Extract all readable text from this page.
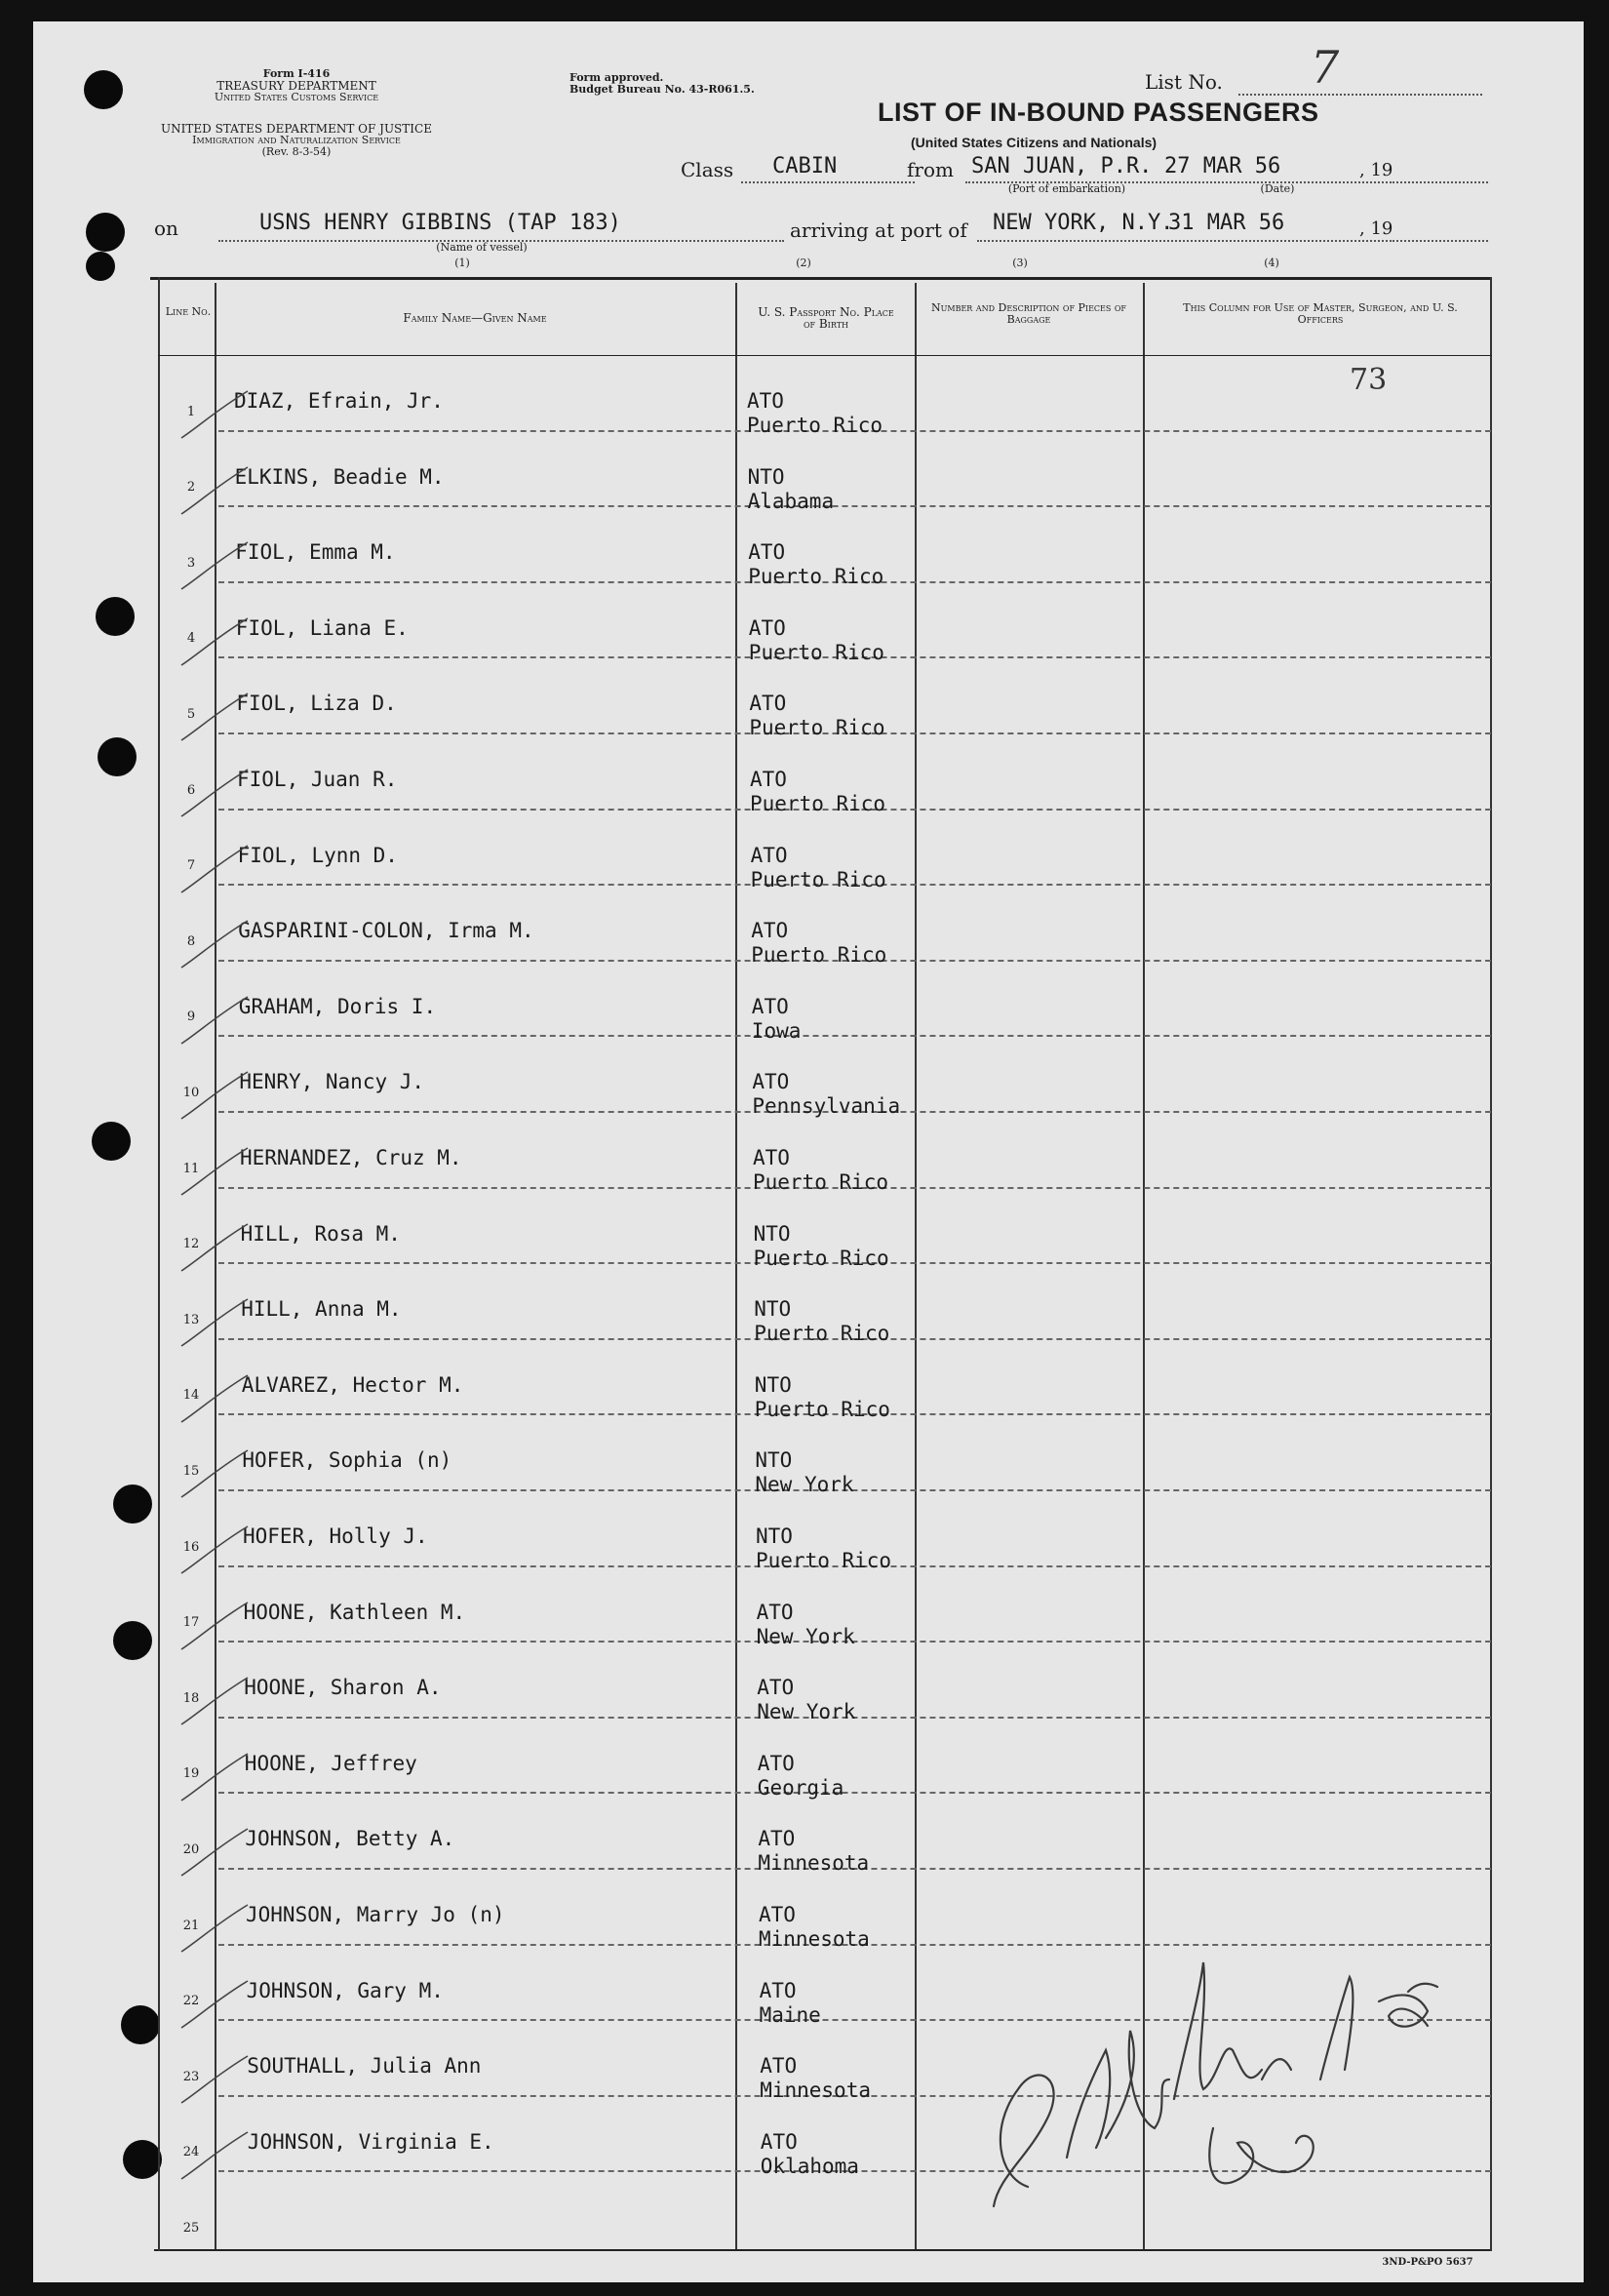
Form I-416
TREASURY DEPARTMENT
United States Customs Service
UNITED STATES DEPARTMENT OF JUSTICE
Immigration and Naturalization Service
(Rev. 8-3-54)
Form approved.
Budget Bureau No. 43-R061.5.	List No. 7
LIST OF IN-BOUND PASSENGERS
(United States Citizens and Nationals)
Class CABIN	from SAN JUAN, P.R. 27 MAR 56
(Port of embarkation)	(Date)
, 19
on	USNS HENRY GIBBINS (TAP 183)
(Name of vessel)
arriving at port of NEW YORK, N.Y.
31 MAR 56	, 19
(1)	(2)	(3)	(4)
Line No.	Family Name—Given Name	U. S. Passport No. Place of Birth
Number and Description of Pieces of Baggage
This Column for Use of Master, Surgeon, and U. S. Officers
73
1	DIAZ, Efrain, Jr.	ATO
Puerto Rico
2	ELKINS, Beadie M.	NTO
Alabama
3	FIOL, Emma M.	ATO
Puerto Rico
4	FIOL, Liana E.	ATO
Puerto Rico
5	FIOL, Liza D.	ATO
Puerto Rico
6	FIOL, Juan R.	ATO
Puerto Rico
7	FIOL, Lynn D.	ATO
Puerto Rico
8	GASPARINI-COLON, Irma M.	ATO
Puerto Rico
9	GRAHAM, Doris I.	ATO
Iowa
10	HENRY, Nancy J.	ATO
Pennsylvania
11	HERNANDEZ, Cruz M.	ATO
Puerto Rico
12	HILL, Rosa M.	NTO
Puerto Rico
13	HILL, Anna M.	NTO
Puerto Rico
14	ALVAREZ, Hector M.	NTO
Puerto Rico
15	HOFER, Sophia (n)	NTO
New York
16	HOFER, Holly J.	NTO
Puerto Rico
17	HOONE, Kathleen M.	ATO
New York
18	HOONE, Sharon A.	ATO
New York
19	HOONE, Jeffrey	ATO
Georgia
20	JOHNSON, Betty A.	ATO
Minnesota
21	JOHNSON, Marry Jo (n)	ATO
Minnesota
22	JOHNSON, Gary M.	ATO
Maine
23	SOUTHALL, Julia Ann	ATO
Minnesota
24	JOHNSON, Virginia E.	ATO
Oklahoma
25
3ND-P&PO 5637
